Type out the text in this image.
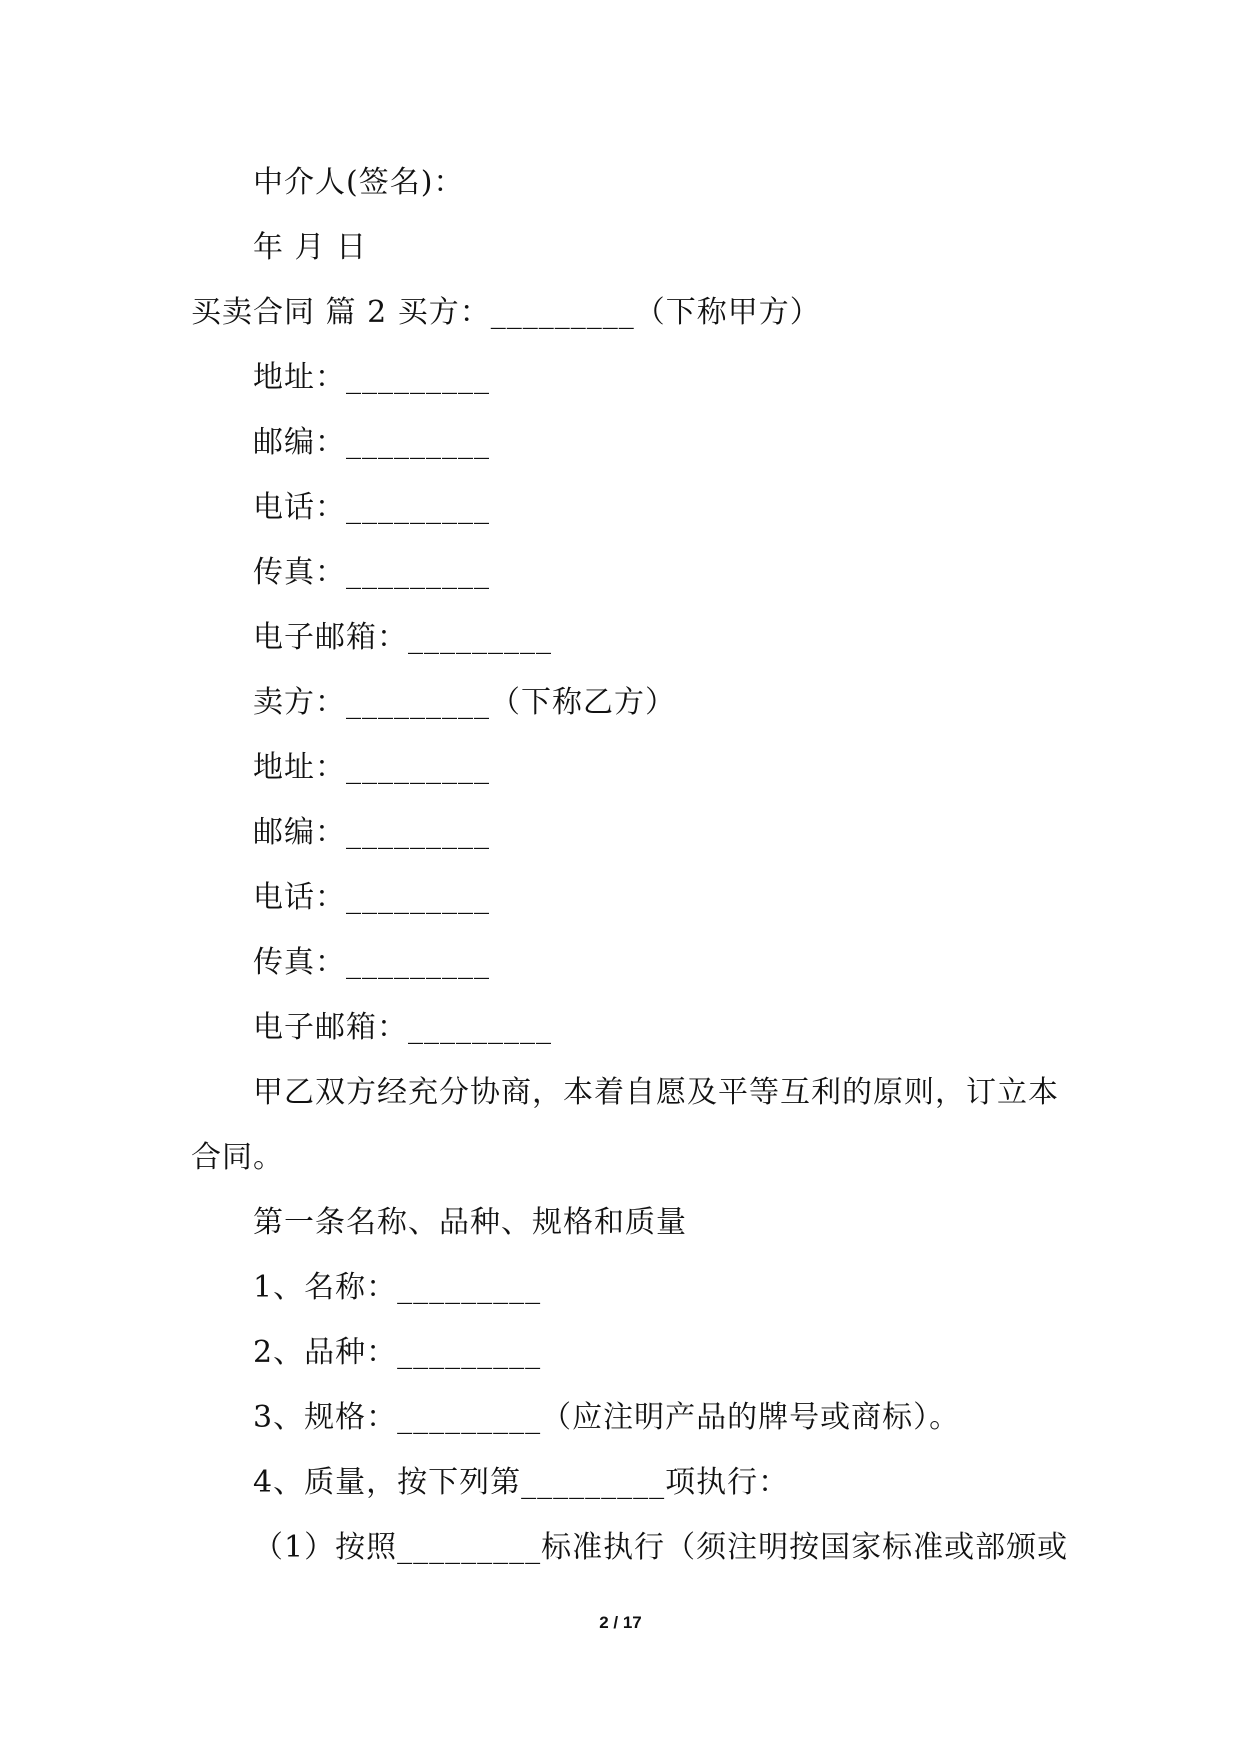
中介人(签名)：
年 月 日
买卖合同 篇 2 买方：_________（下称甲方）
地址：_________
邮编：_________
电话：_________
传真：_________
电子邮箱：_________
卖方：_________（下称乙方）
地址：_________
邮编：_________
电话：_________
传真：_________
电子邮箱：_________
甲乙双方经充分协商，本着自愿及平等互利的原则，订立本
合同。
第一条名称、品种、规格和质量
1、名称：_________
2、品种：_________
3、规格：_________（应注明产品的牌号或商标）。
4、质量，按下列第_________项执行：
（1）按照_________标准执行（须注明按国家标准或部颁或
2 / 17
